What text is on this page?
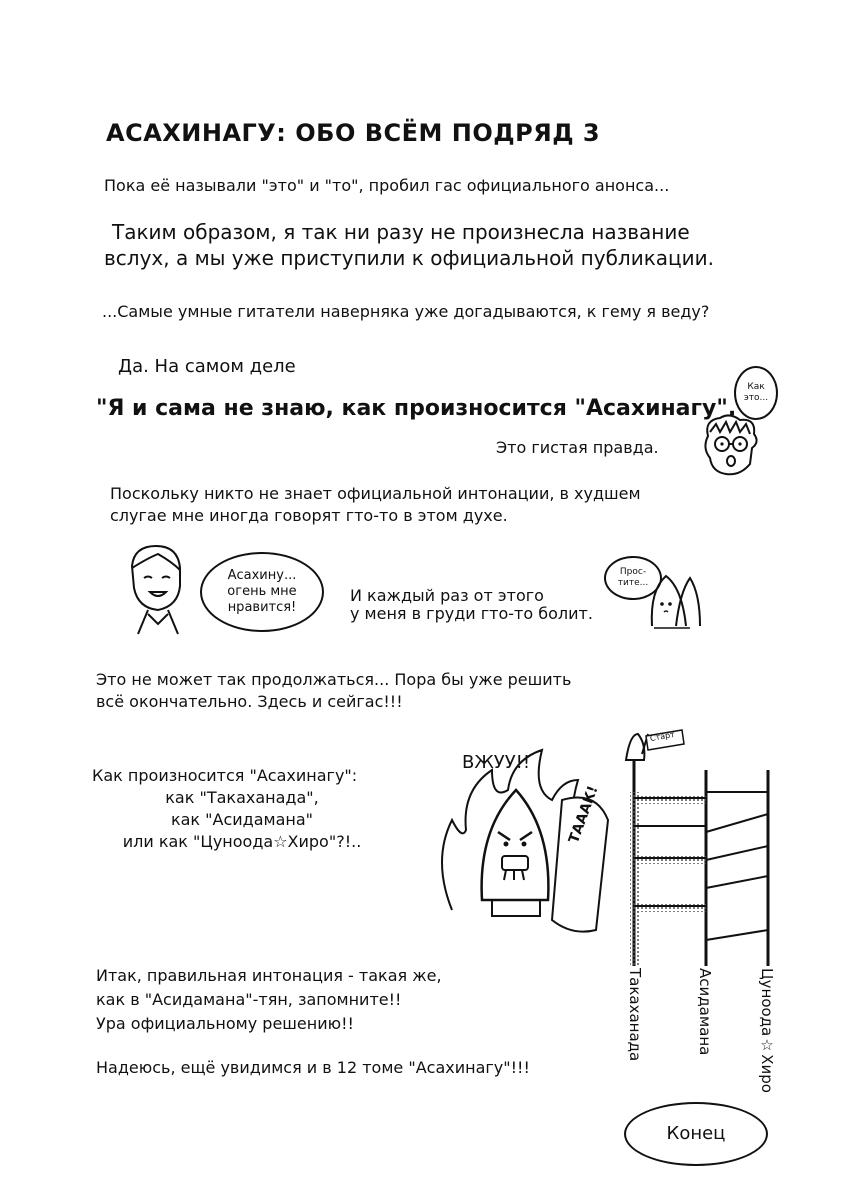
АСАХИНАГУ: ОБО ВСЁМ ПОДРЯД 3
Пока её называли "это" и "то", пробил гас официального анонса...
Таким образом, я так ни разу не произнесла название
вслух, а мы уже приступили к официальной публикации.
...Самые умные гитатели наверняка уже догадываются, к гему я веду?
Да. На самом деле
"Я и сама не знаю, как произносится "Асахинагу".
Это гистая правда.
Как это...
Поскольку никто не знает официальной интонации, в худшем
слугае мне иногда говорят гто-то в этом духе.
Асахину...
огень мне
нравится!
И каждый раз от этого
у меня в груди гто-то болит.
Прос-тите...
Это не может так продолжаться... Пора бы уже решить
всё окончательно. Здесь и сейгас!!!
Как произносится "Асахинагу":
как "Такаханада",
как "Асидамана"
или как "Цуноода☆Хиро"?!..
ВЖУУ!!
ТАААК!
Старт
Такаханада	Асидамана	Цуноода☆Хиро
Итак, правильная интонация - такая же,
как в "Асидамана"-тян, запомните!!
Ура официальному решению!!
Надеюсь, ещё увидимся и в 12 томе "Асахинагу"!!!
Конец
